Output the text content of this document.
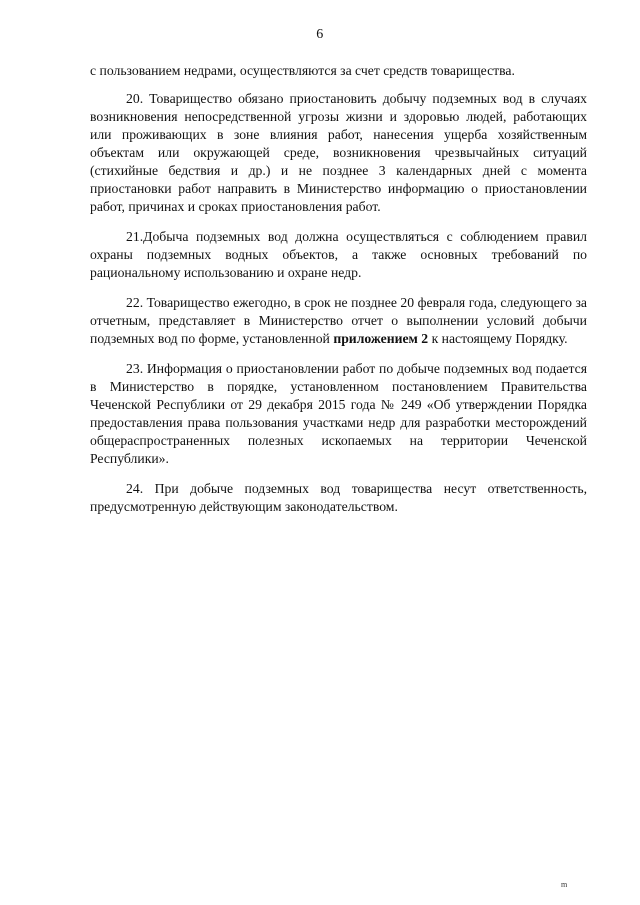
6

с пользованием недрами, осуществляются за счет средств товарищества.

20. Товарищество обязано приостановить добычу подземных вод в случаях возникновения непосредственной угрозы жизни и здоровью людей, работающих или проживающих в зоне влияния работ, нанесения ущерба хозяйственным объектам или окружающей среде, возникновения чрезвычайных ситуаций (стихийные бедствия и др.) и не позднее 3 календарных дней с момента приостановки работ направить в Министерство информацию о приостановлении работ, причинах и сроках приостановления работ.

21.Добыча подземных вод должна осуществляться с соблюдением правил охраны подземных водных объектов, а также основных требований по рациональному использованию и охране недр.

22. Товарищество ежегодно, в срок не позднее 20 февраля года, следующего за отчетным, представляет в Министерство отчет о выполнении условий добычи подземных вод по форме, установленной приложением 2 к настоящему Порядку.

23. Информация о приостановлении работ по добыче подземных вод подается в Министерство в порядке, установленном постановлением Правительства Чеченской Республики от 29 декабря 2015 года № 249 «Об утверждении Порядка предоставления права пользования участками недр для разработки месторождений общераспространенных полезных ископаемых на территории Чеченской Республики».

24. При добыче подземных вод товарищества несут ответственность, предусмотренную действующим законодательством.

m
